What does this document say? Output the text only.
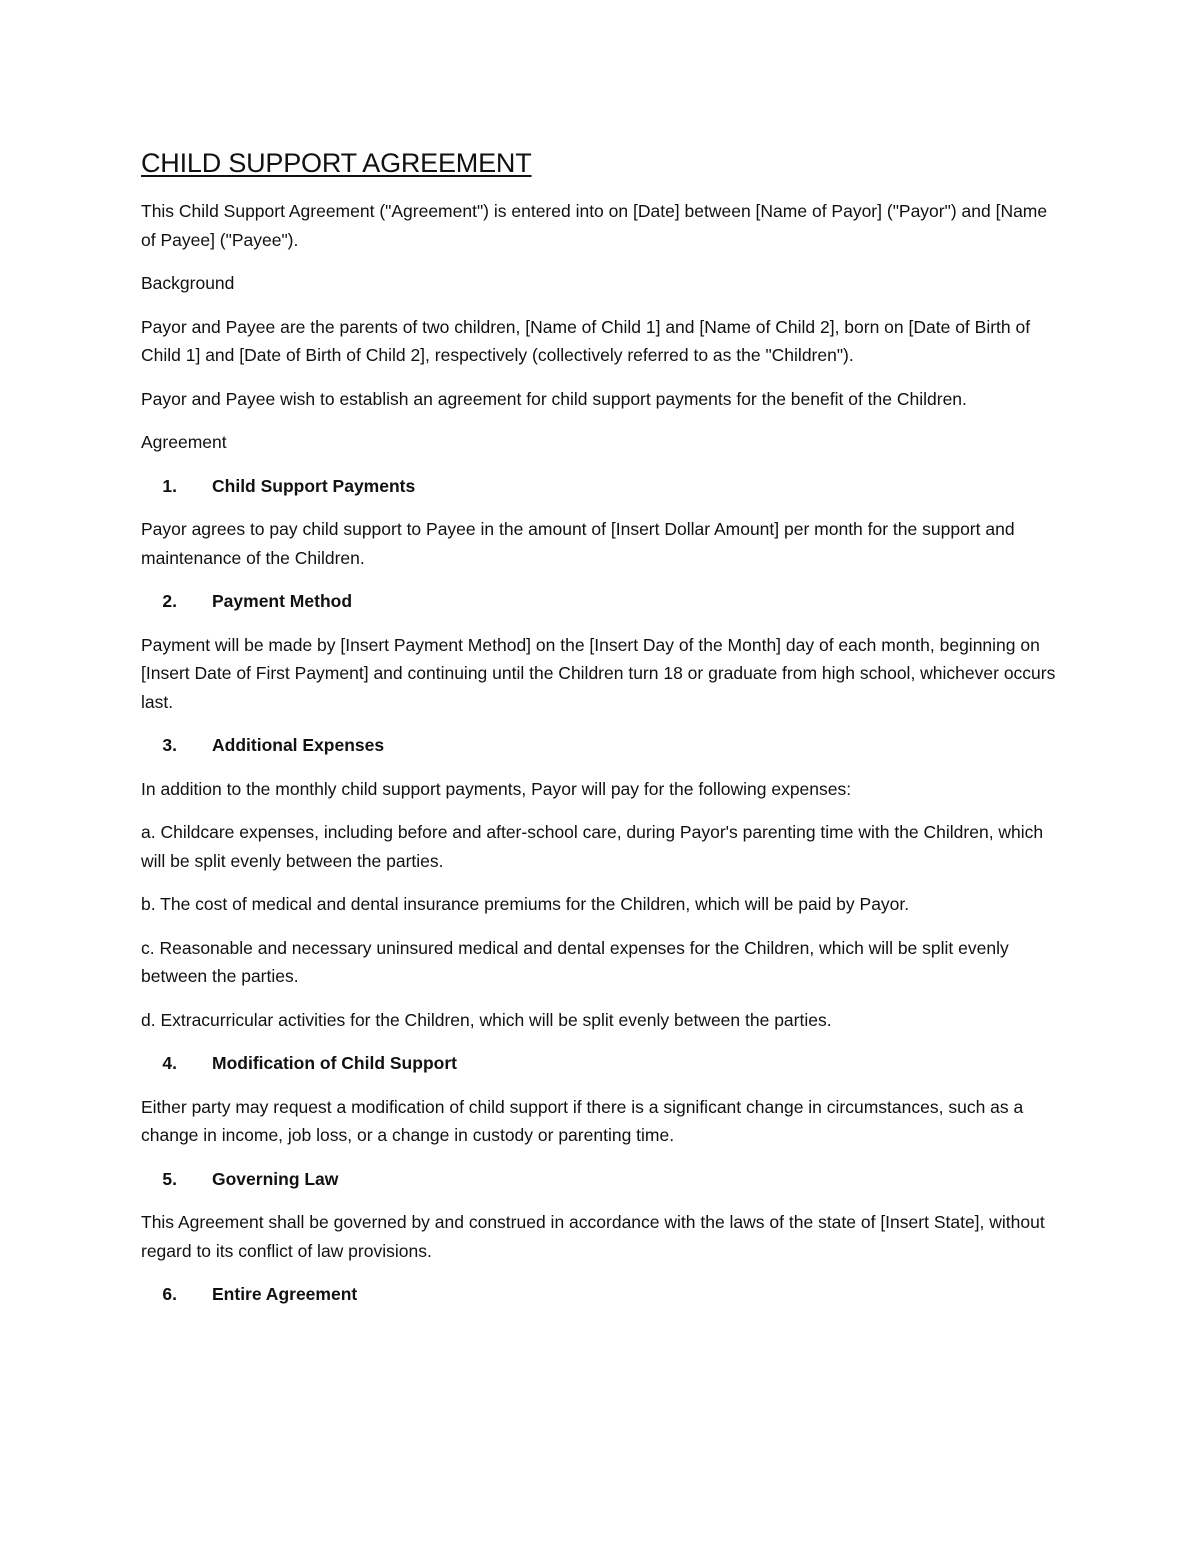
CHILD SUPPORT AGREEMENT

This Child Support Agreement ("Agreement") is entered into on [Date] between [Name of Payor] ("Payor") and [Name of Payee] ("Payee").

Background

Payor and Payee are the parents of two children, [Name of Child 1] and [Name of Child 2], born on [Date of Birth of Child 1] and [Date of Birth of Child 2], respectively (collectively referred to as the "Children").

Payor and Payee wish to establish an agreement for child support payments for the benefit of the Children.

Agreement

1. Child Support Payments

Payor agrees to pay child support to Payee in the amount of [Insert Dollar Amount] per month for the support and maintenance of the Children.

2. Payment Method

Payment will be made by [Insert Payment Method] on the [Insert Day of the Month] day of each month, beginning on [Insert Date of First Payment] and continuing until the Children turn 18 or graduate from high school, whichever occurs last.

3. Additional Expenses

In addition to the monthly child support payments, Payor will pay for the following expenses:

a. Childcare expenses, including before and after-school care, during Payor's parenting time with the Children, which will be split evenly between the parties.

b. The cost of medical and dental insurance premiums for the Children, which will be paid by Payor.

c. Reasonable and necessary uninsured medical and dental expenses for the Children, which will be split evenly between the parties.

d. Extracurricular activities for the Children, which will be split evenly between the parties.

4. Modification of Child Support

Either party may request a modification of child support if there is a significant change in circumstances, such as a change in income, job loss, or a change in custody or parenting time.

5. Governing Law

This Agreement shall be governed by and construed in accordance with the laws of the state of [Insert State], without regard to its conflict of law provisions.

6. Entire Agreement
